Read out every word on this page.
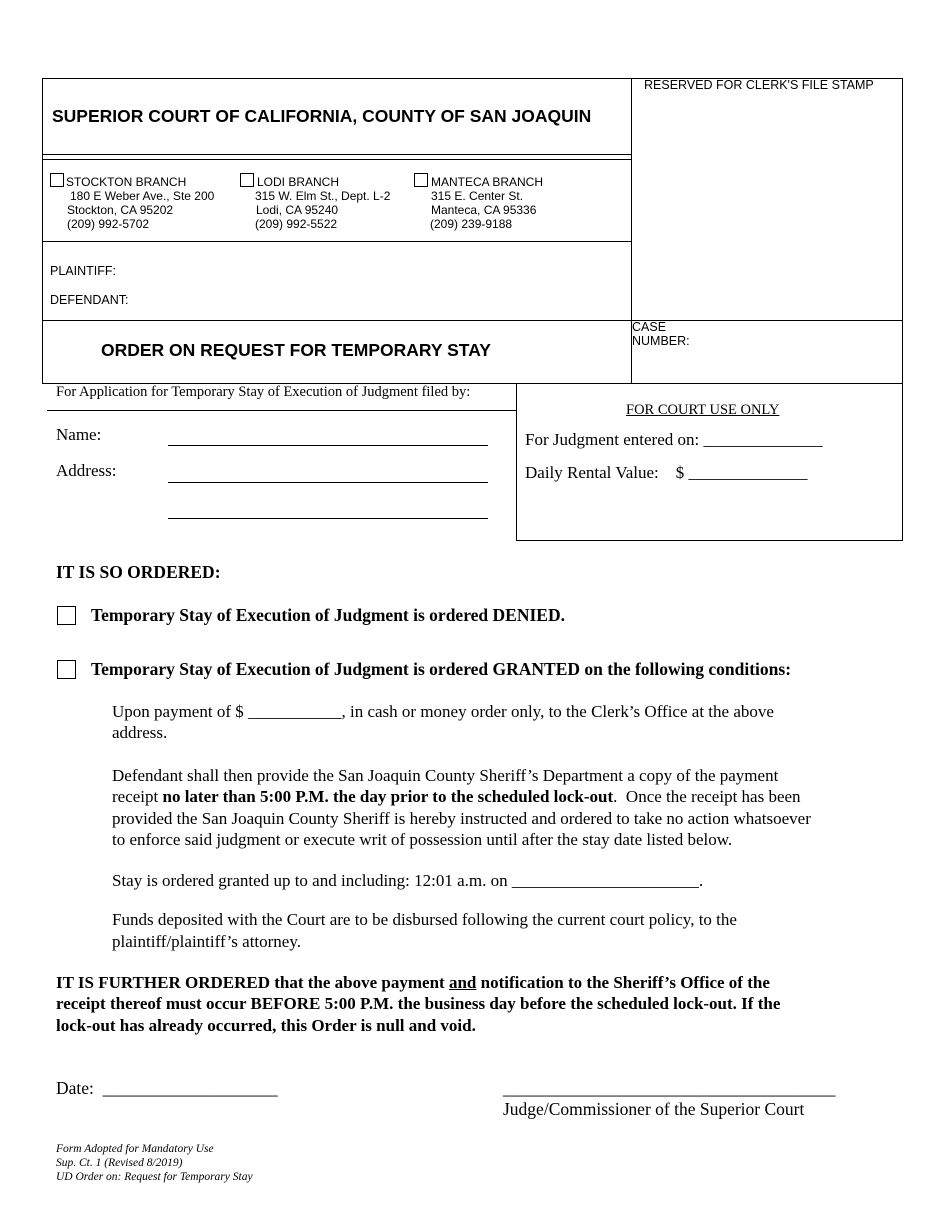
SUPERIOR COURT OF CALIFORNIA, COUNTY OF SAN JOAQUIN
RESERVED FOR CLERK'S FILE STAMP
STOCKTON BRANCH
180 E Weber Ave., Ste 200
Stockton, CA 95202
(209) 992-5702
LODI BRANCH
315 W. Elm St., Dept. L-2
Lodi, CA 95240
(209) 992-5522
MANTECA BRANCH
315 E. Center St.
Manteca, CA 95336
(209) 239-9188
PLAINTIFF:
DEFENDANT:
ORDER ON REQUEST FOR TEMPORARY STAY
CASE
NUMBER:
For Application for Temporary Stay of Execution of Judgment filed by:
Name:
Address:
FOR COURT USE ONLY
For Judgment entered on: ______________
Daily Rental Value:    $ ______________
IT IS SO ORDERED:
Temporary Stay of Execution of Judgment is ordered DENIED.
Temporary Stay of Execution of Judgment is ordered GRANTED on the following conditions:
Upon payment of $ ___________, in cash or money order only, to the Clerk’s Office at the above
address.
Defendant shall then provide the San Joaquin County Sheriff’s Department a copy of the payment
receipt no later than 5:00 P.M. the day prior to the scheduled lock-out.  Once the receipt has been
provided the San Joaquin County Sheriff is hereby instructed and ordered to take no action whatsoever
to enforce said judgment or execute writ of possession until after the stay date listed below.
Stay is ordered granted up to and including: 12:01 a.m. on ______________________.
Funds deposited with the Court are to be disbursed following the current court policy, to the
plaintiff/plaintiff’s attorney.
IT IS FURTHER ORDERED that the above payment and notification to the Sheriff’s Office of the
receipt thereof must occur BEFORE 5:00 P.M. the business day before the scheduled lock-out. If the
lock-out has already occurred, this Order is null and void.
Date:  ____________________	______________________________________
Judge/Commissioner of the Superior Court
Form Adopted for Mandatory Use
Sup. Ct. 1 (Revised 8/2019)
UD Order on: Request for Temporary Stay
